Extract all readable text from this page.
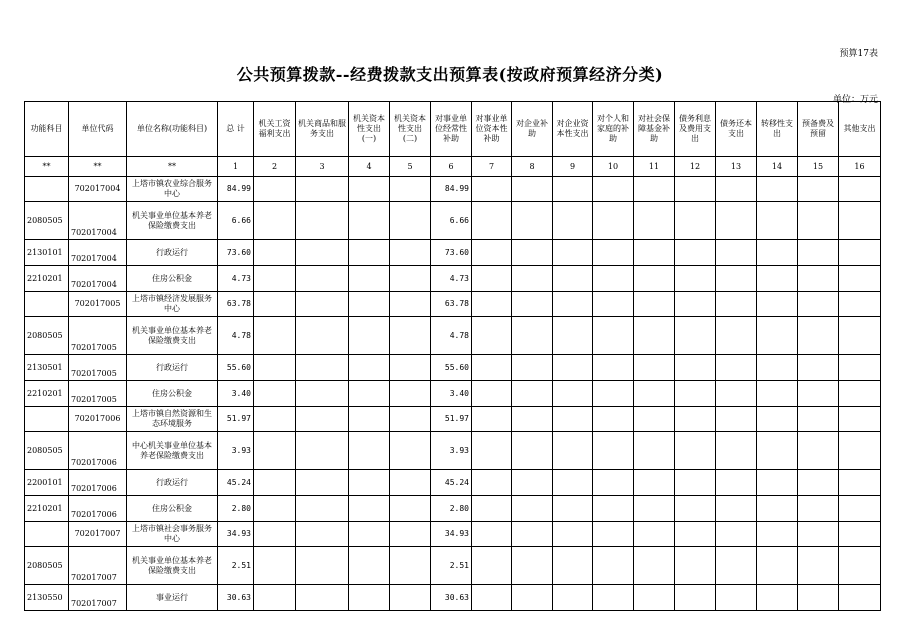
预算17表
公共预算拨款--经费拨款支出预算表(按政府预算经济分类)
单位：万元
功能科目	单位代码	单位名称(功能科目)	总 计	机关工资福利支出	机关商品和服务支出	机关资本性支出(一)	机关资本性支出(二)	对事业单位经常性补助	对事业单位资本性补助	对企业补助	对企业资本性支出	对个人和家庭的补助	对社会保障基金补助	债务利息及费用支出	债务还本支出	转移性支出	预备费及预留	其他支出
**	**	**	1	2	3	4	5	6	7	8	9	10	11	12	13	14	15	16
	702017004	上塔市镇农业综合服务中心	84.99					84.99										
2080505	702017004	机关事业单位基本养老保险缴费支出	6.66					6.66										
2130101	702017004	行政运行	73.60					73.60										
2210201	702017004	住房公积金	4.73					4.73										
	702017005	上塔市镇经济发展服务中心	63.78					63.78										
2080505	702017005	机关事业单位基本养老保险缴费支出	4.78					4.78										
2130501	702017005	行政运行	55.60					55.60										
2210201	702017005	住房公积金	3.40					3.40										
	702017006	上塔市镇自然资源和生态环境服务	51.97					51.97										
2080505	702017006	中心机关事业单位基本养老保险缴费支出	3.93					3.93										
2200101	702017006	行政运行	45.24					45.24										
2210201	702017006	住房公积金	2.80					2.80										
	702017007	上塔市镇社会事务服务中心	34.93					34.93										
2080505	702017007	机关事业单位基本养老保险缴费支出	2.51					2.51										
2130550	702017007	事业运行	30.63					30.63										
